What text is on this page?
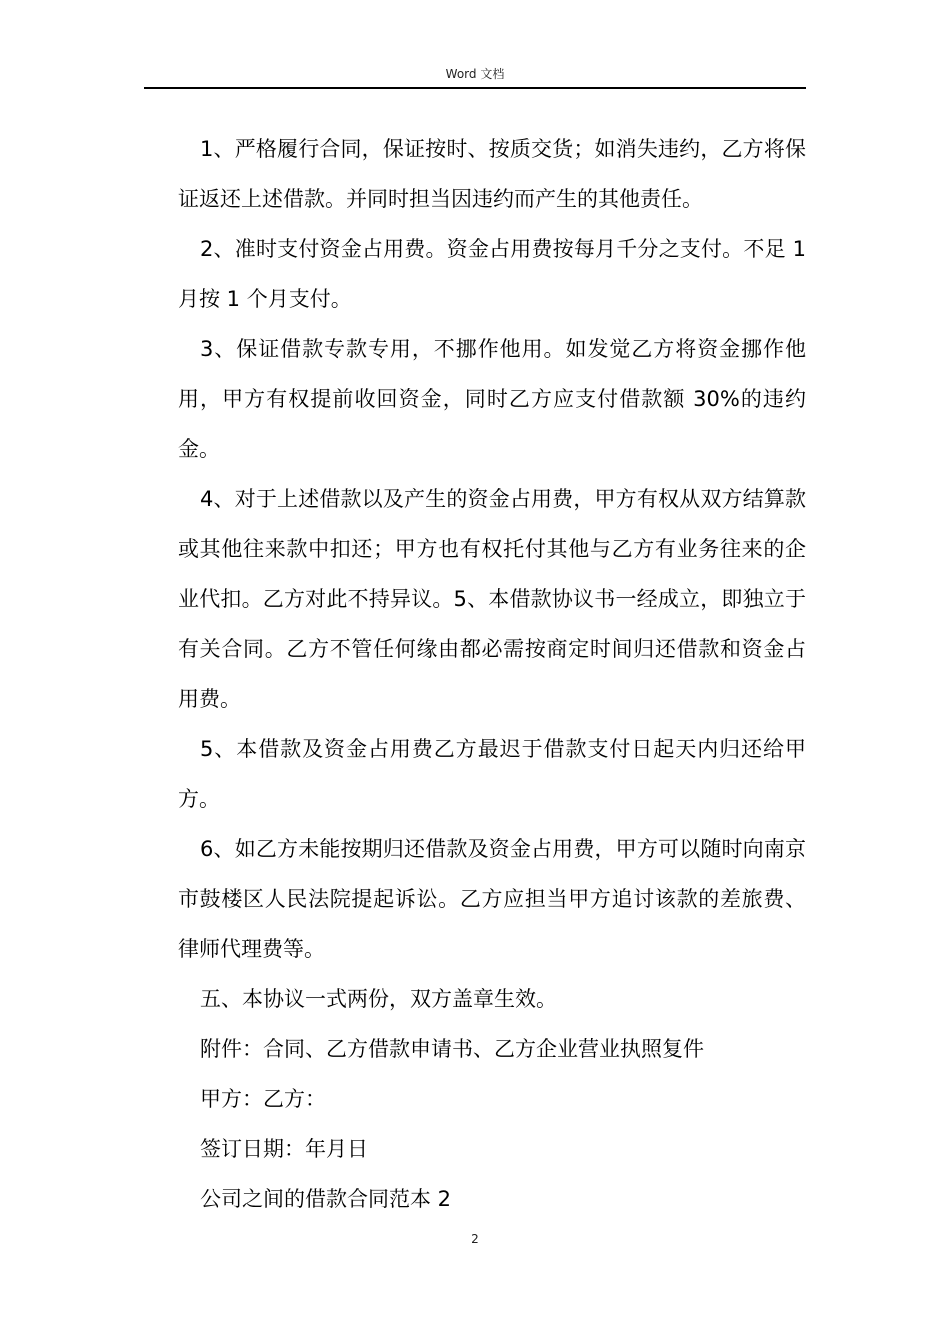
Word 文档

1、严格履行合同，保证按时、按质交货；如消失违约，乙方将保证返还上述借款。并同时担当因违约而产生的其他责任。

2、准时支付资金占用费。资金占用费按每月千分之支付。不足 1 月按 1 个月支付。

3、保证借款专款专用，不挪作他用。如发觉乙方将资金挪作他用，甲方有权提前收回资金，同时乙方应支付借款额 30%的违约金。

4、对于上述借款以及产生的资金占用费，甲方有权从双方结算款或其他往来款中扣还；甲方也有权托付其他与乙方有业务往来的企业代扣。乙方对此不持异议。5、本借款协议书一经成立，即独立于有关合同。乙方不管任何缘由都必需按商定时间归还借款和资金占用费。

5、本借款及资金占用费乙方最迟于借款支付日起天内归还给甲方。

6、如乙方未能按期归还借款及资金占用费，甲方可以随时向南京市鼓楼区人民法院提起诉讼。乙方应担当甲方追讨该款的差旅费、律师代理费等。

五、本协议一式两份，双方盖章生效。

附件：合同、乙方借款申请书、乙方企业营业执照复件

甲方：乙方：

签订日期：年月日

公司之间的借款合同范本 2

2
